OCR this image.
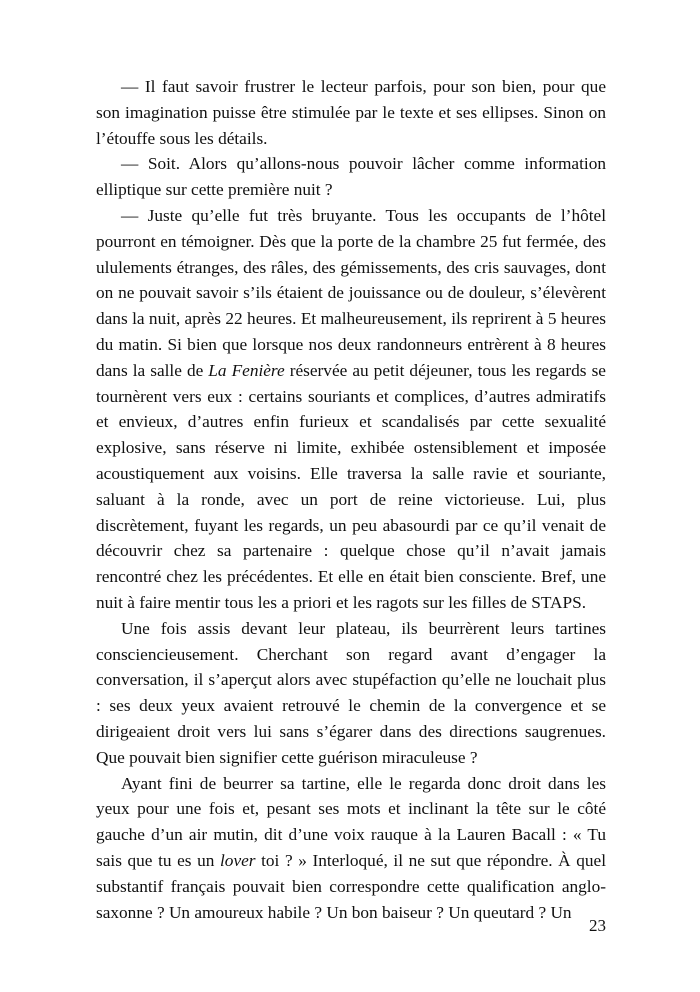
— Il faut savoir frustrer le lecteur parfois, pour son bien, pour que son imagination puisse être stimulée par le texte et ses ellipses. Sinon on l’étouffe sous les détails.

— Soit. Alors qu’allons-nous pouvoir lâcher comme information elliptique sur cette première nuit ?

— Juste qu’elle fut très bruyante. Tous les occupants de l’hôtel pourront en témoigner. Dès que la porte de la chambre 25 fut fermée, des ululements étranges, des râles, des gémissements, des cris sauvages, dont on ne pouvait savoir s’ils étaient de jouissance ou de douleur, s’élevèrent dans la nuit, après 22 heures. Et malheureusement, ils reprirent à 5 heures du matin. Si bien que lorsque nos deux randonneurs entrèrent à 8 heures dans la salle de La Fenière réservée au petit déjeuner, tous les regards se tournèrent vers eux : certains souriants et complices, d’autres admiratifs et envieux, d’autres enfin furieux et scandalisés par cette sexualité explosive, sans réserve ni limite, exhibée ostensiblement et imposée acoustiquement aux voisins. Elle traversa la salle ravie et souriante, saluant à la ronde, avec un port de reine victorieuse. Lui, plus discrètement, fuyant les regards, un peu abasourdi par ce qu’il venait de découvrir chez sa partenaire : quelque chose qu’il n’avait jamais rencontré chez les précédentes. Et elle en était bien consciente. Bref, une nuit à faire mentir tous les a priori et les ragots sur les filles de STAPS.

Une fois assis devant leur plateau, ils beurrèrent leurs tartines consciencieusement. Cherchant son regard avant d’engager la conversation, il s’aperçut alors avec stupéfaction qu’elle ne louchait plus : ses deux yeux avaient retrouvé le chemin de la convergence et se dirigeaient droit vers lui sans s’égarer dans des directions saugrenues. Que pouvait bien signifier cette guérison miraculeuse ?

Ayant fini de beurrer sa tartine, elle le regarda donc droit dans les yeux pour une fois et, pesant ses mots et inclinant la tête sur le côté gauche d’un air mutin, dit d’une voix rauque à la Lauren Bacall : « Tu sais que tu es un lover toi ? » Interloqué, il ne sut que répondre. À quel substantif français pouvait bien correspondre cette qualification anglo-saxonne ? Un amoureux habile ? Un bon baiseur ? Un queutard ? Un

23
